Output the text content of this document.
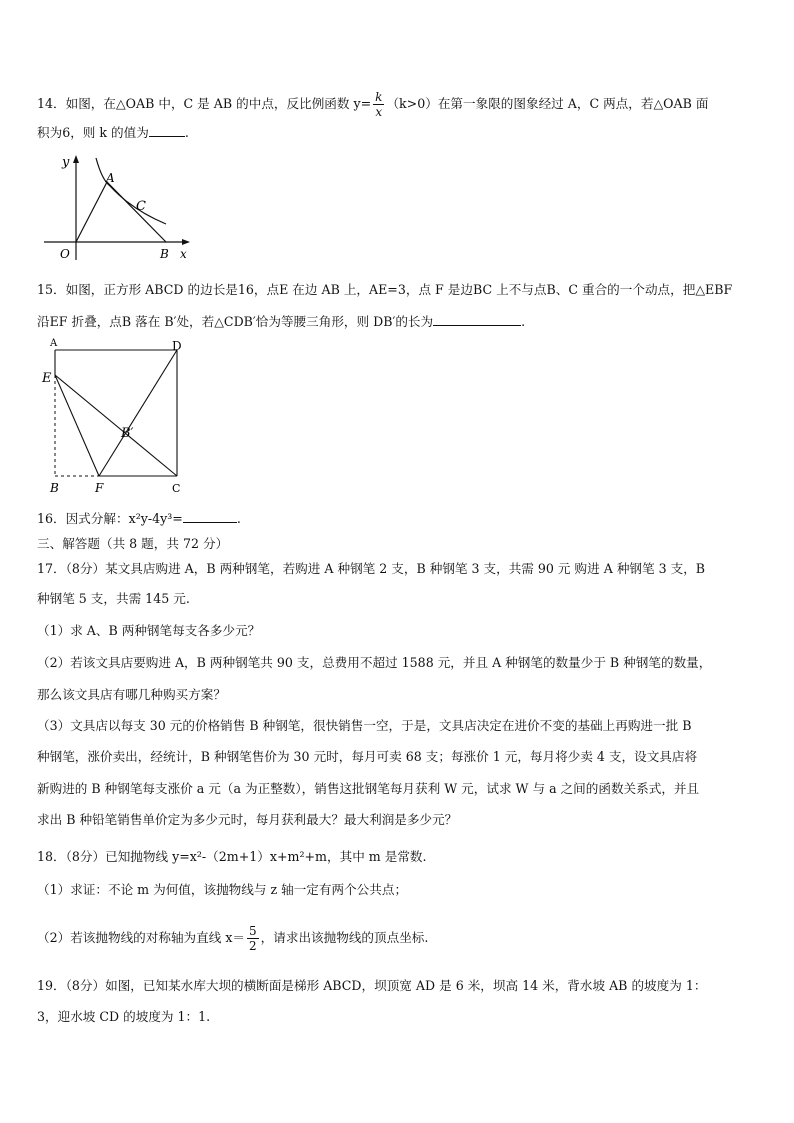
14．如图，在△OAB 中，C 是 AB 的中点，反比例函数 $y= \frac{k}{x} (k>0)$在第一象限的图象经过 A，C 两点，若△OAB 面
积为6，则 k 的值为	.
y
A
C
O	B x
15．如图，正方形 ABCD 的边长是16，点E 在边 AB 上，AE=3，点 F 是边BC 上不与点B、C 重合的一个动点，把△EBF
沿EF 折叠，点B 落在 B′处，若△CDB′恰为等腰三角形，则 DB′的长为	.
A	D
E
B′
B	F	C
16．因式分解：x²y-4y³=	.
三、解答题（共 8 题，共 72 分）
17．（8分）某文具店购进 A，B 两种钢笔，若购进 A 种钢笔 2 支，B 种钢笔 3 支，共需 90 元 购进 A 种钢笔 3 支，B
种钢笔 5 支，共需 145 元.
（1）求 A、B 两种钢笔每支各多少元？
（2）若该文具店要购进 A，B 两种钢笔共 90 支，总费用不超过 1588 元，并且 A 种钢笔的数量少于 B 种钢笔的数量，
那么该文具店有哪几种购买方案？
（3）文具店以每支 30 元的价格销售 B 种钢笔，很快销售一空，于是，文具店决定在进价不变的基础上再购进一批 B
种钢笔，涨价卖出，经统计，B 种钢笔售价为 30 元时，每月可卖 68 支；每涨价 1 元，每月将少卖 4 支，设文具店将
新购进的 B 种钢笔每支涨价 a 元（a 为正整数），销售这批钢笔每月获利 W 元，试求 W 与 a 之间的函数关系式，并且
求出 B 种铅笔销售单价定为多少元时，每月获利最大？最大利润是多少元？
18．（8分）已知抛物线 y=x²-（2m+1）x+m²+m，其中 m 是常数.
（1）求证：不论 m 为何值，该抛物线与 z 轴一定有两个公共点；
（2）若该抛物线的对称轴为直线 $x= \frac{5}{2}$ ，请求出该抛物线的顶点坐标.
19．（8分）如图，已知某水库大坝的横断面是梯形 ABCD，坝顶宽 AD 是 6 米，坝高 14 米，背水坡 AB 的坡度为 1：
3，迎水坡 CD 的坡度为 1：1.
